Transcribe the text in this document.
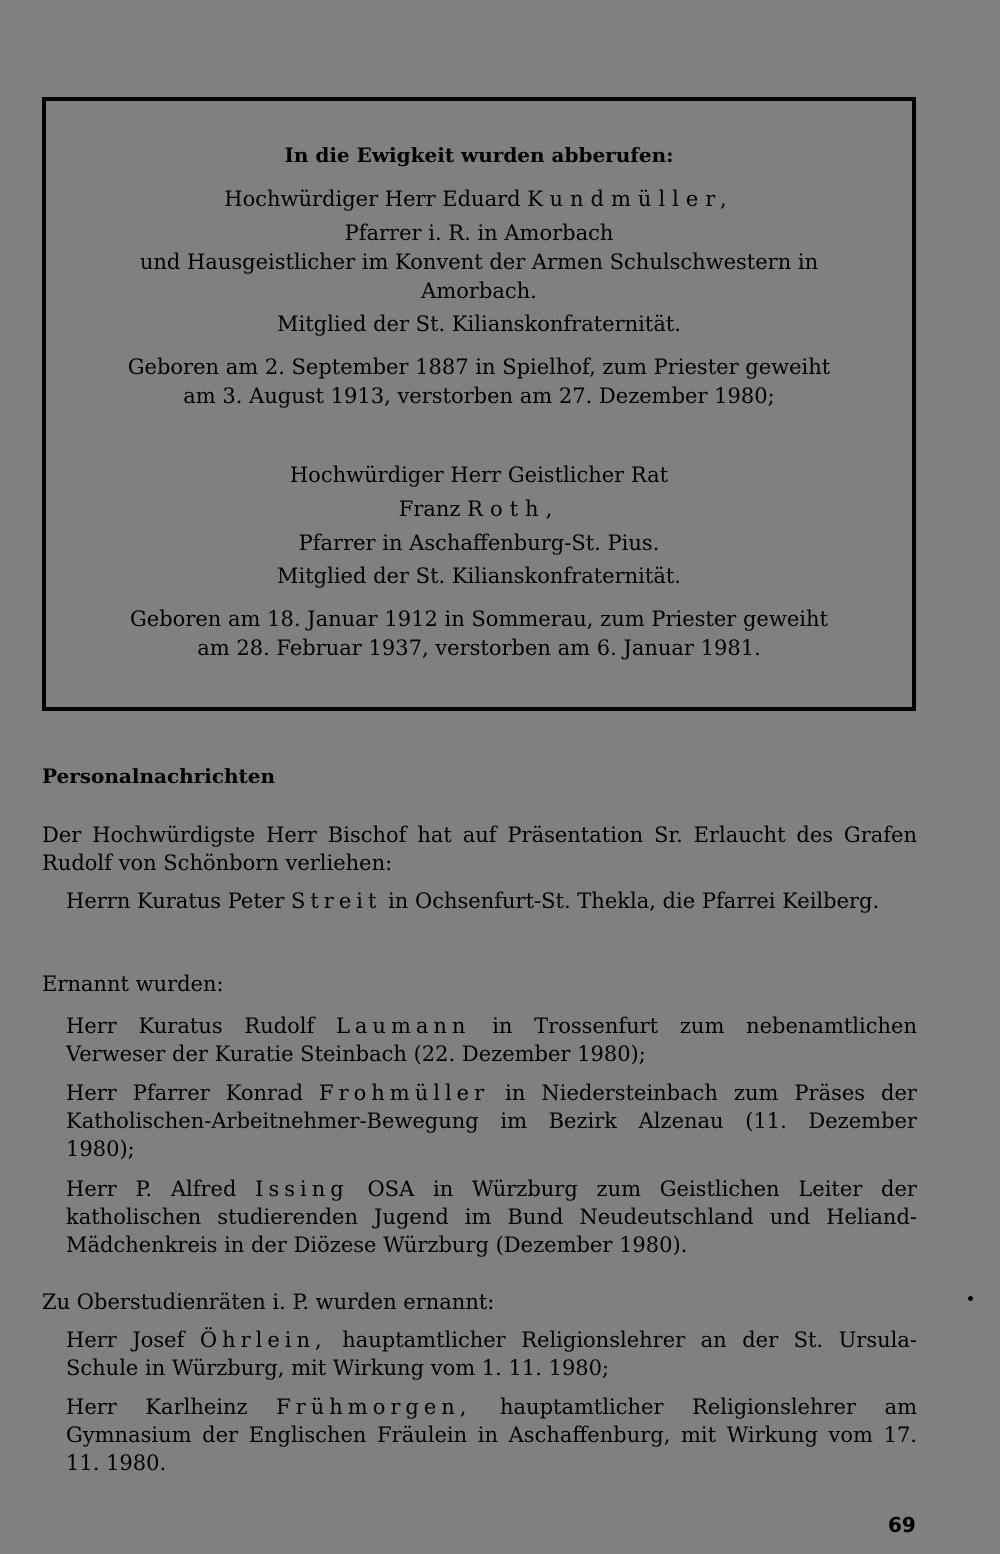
In die Ewigkeit wurden abberufen:
Hochwürdiger Herr Eduard Kundmüller,
Pfarrer i. R. in Amorbach
und Hausgeistlicher im Konvent der Armen Schulschwestern in
Amorbach.
Mitglied der St. Kilianskonfraternität.
Geboren am 2. September 1887 in Spielhof, zum Priester geweiht
am 3. August 1913, verstorben am 27. Dezember 1980;
Hochwürdiger Herr Geistlicher Rat
Franz Roth,
Pfarrer in Aschaffenburg-St. Pius.
Mitglied der St. Kilianskonfraternität.
Geboren am 18. Januar 1912 in Sommerau, zum Priester geweiht
am 28. Februar 1937, verstorben am 6. Januar 1981.
Personalnachrichten
Der Hochwürdigste Herr Bischof hat auf Präsentation Sr. Erlaucht des Grafen Rudolf von Schönborn verliehen:
Herrn Kuratus Peter Streit in Ochsenfurt-St. Thekla, die Pfarrei Keilberg.
Ernannt wurden:
Herr Kuratus Rudolf Laumann in Trossenfurt zum nebenamtlichen Verweser der Kuratie Steinbach (22. Dezember 1980);
Herr Pfarrer Konrad Frohmüller in Niedersteinbach zum Präses der Katholischen-Arbeitnehmer-Bewegung im Bezirk Alzenau (11. Dezember 1980);
Herr P. Alfred Issing OSA in Würzburg zum Geistlichen Leiter der katholischen studierenden Jugend im Bund Neudeutschland und Heliand-Mädchenkreis in der Diözese Würzburg (Dezember 1980).
Zu Oberstudienräten i. P. wurden ernannt:
Herr Josef Öhrlein, hauptamtlicher Religionslehrer an der St. Ursula-Schule in Würzburg, mit Wirkung vom 1. 11. 1980;
Herr Karlheinz Frühmorgen, hauptamtlicher Religionslehrer am Gymnasium der Englischen Fräulein in Aschaffenburg, mit Wirkung vom 17. 11. 1980.
69
